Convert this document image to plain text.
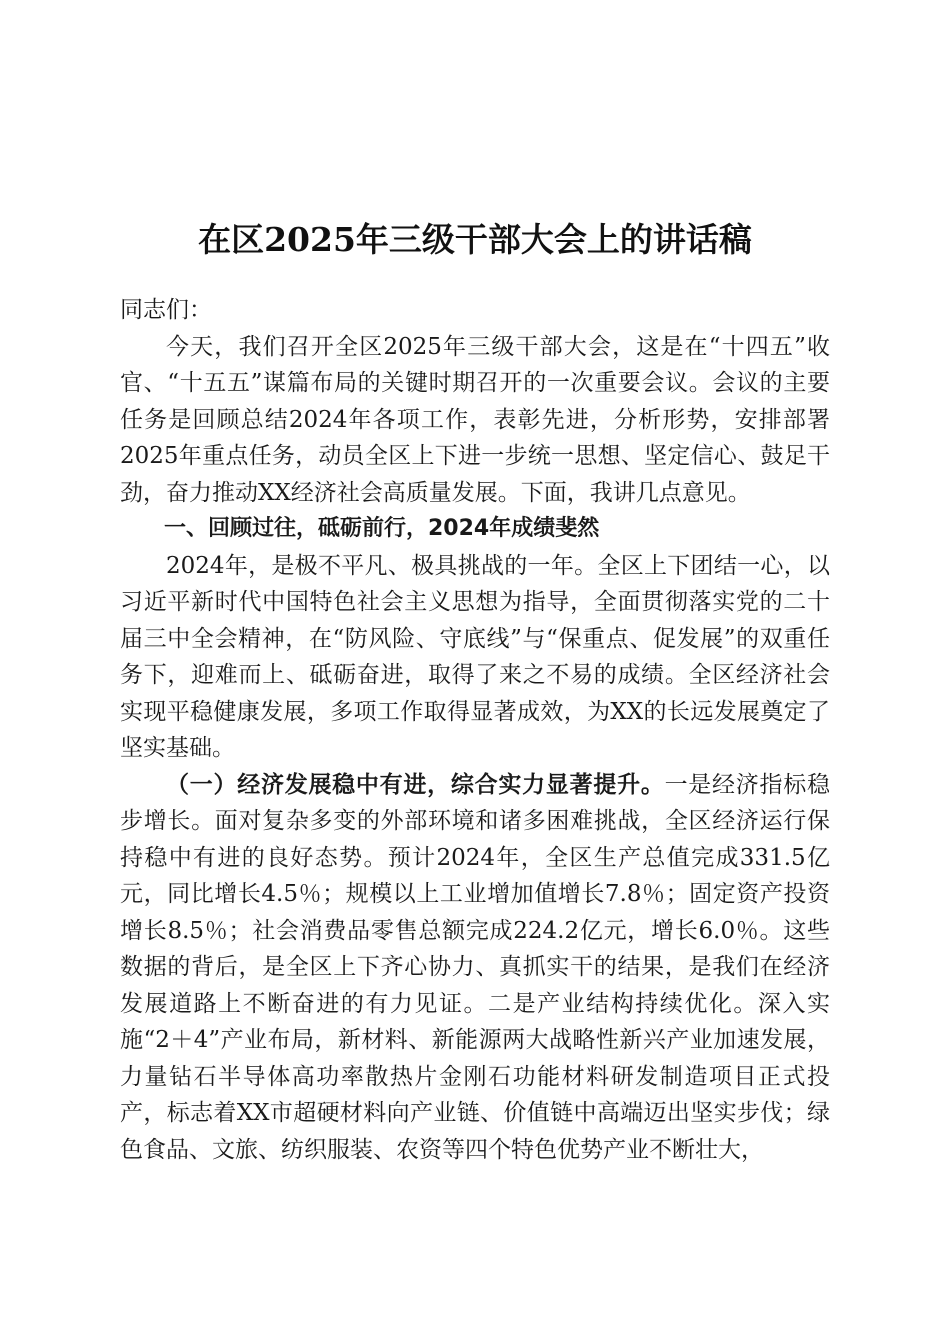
在区2025年三级干部大会上的讲话稿

同志们：

今天，我们召开全区2025年三级干部大会，这是在“十四五”收官、“十五五”谋篇布局的关键时期召开的一次重要会议。会议的主要任务是回顾总结2024年各项工作，表彰先进，分析形势，安排部署2025年重点任务，动员全区上下进一步统一思想、坚定信心、鼓足干劲，奋力推动XX经济社会高质量发展。下面，我讲几点意见。

一、回顾过往，砥砺前行，2024年成绩斐然

2024年，是极不平凡、极具挑战的一年。全区上下团结一心，以习近平新时代中国特色社会主义思想为指导，全面贯彻落实党的二十届三中全会精神，在“防风险、守底线”与“保重点、促发展”的双重任务下，迎难而上、砥砺奋进，取得了来之不易的成绩。全区经济社会实现平稳健康发展，多项工作取得显著成效，为XX的长远发展奠定了坚实基础。

（一）经济发展稳中有进，综合实力显著提升。一是经济指标稳步增长。面对复杂多变的外部环境和诸多困难挑战，全区经济运行保持稳中有进的良好态势。预计2024年，全区生产总值完成331.5亿元，同比增长4.5％；规模以上工业增加值增长7.8％；固定资产投资增长8.5％；社会消费品零售总额完成224.2亿元，增长6.0％。这些数据的背后，是全区上下齐心协力、真抓实干的结果，是我们在经济发展道路上不断奋进的有力见证。二是产业结构持续优化。深入实施“2＋4”产业布局，新材料、新能源两大战略性新兴产业加速发展，力量钻石半导体高功率散热片金刚石功能材料研发制造项目正式投产，标志着XX市超硬材料向产业链、价值链中高端迈出坚实步伐；绿色食品、文旅、纺织服装、农资等四个特色优势产业不断壮大，
